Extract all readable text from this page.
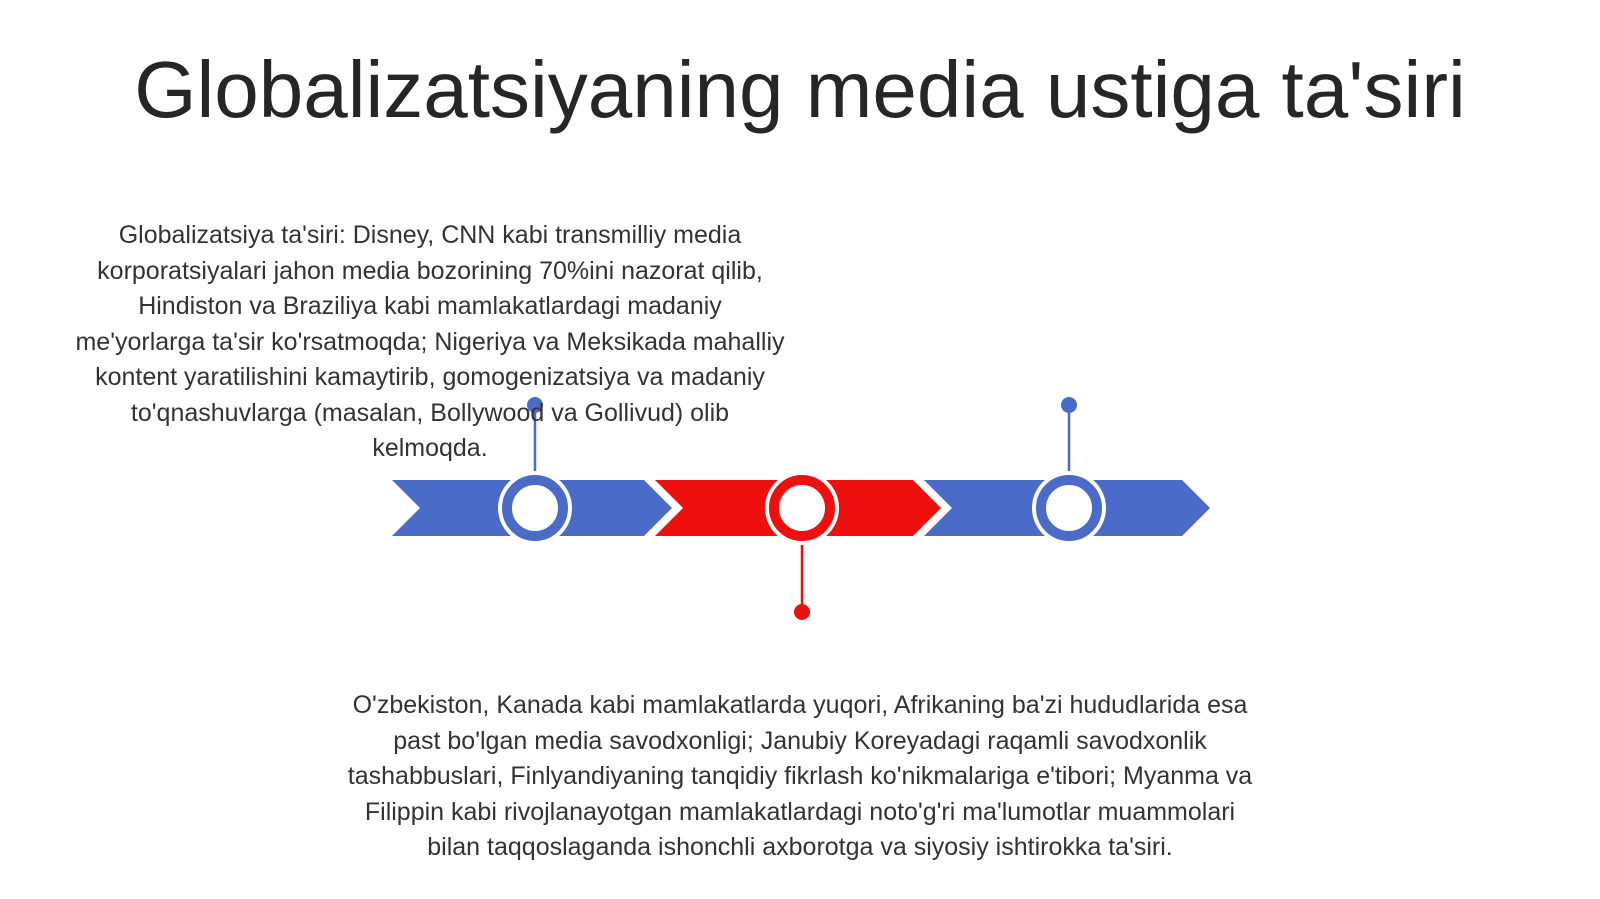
Globalizatsiyaning media ustiga ta'siri
Globalizatsiya ta'siri: Disney, CNN kabi transmilliy media korporatsiyalari jahon media bozorining 70%ini nazorat qilib, Hindiston va Braziliya kabi mamlakatlardagi madaniy me'yorlarga ta'sir ko'rsatmoqda; Nigeriya va Meksikada mahalliy kontent yaratilishini kamaytirib, gomogenizatsiya va madaniy to'qnashuvlarga (masalan, Bollywood va Gollivud) olib kelmoqda.
O'zbekiston, Kanada kabi mamlakatlarda yuqori, Afrikaning ba'zi hududlarida esa past bo'lgan media savodxonligi; Janubiy Koreyadagi raqamli savodxonlik tashabbuslari, Finlyandiyaning tanqidiy fikrlash ko'nikmalariga e'tibori; Myanma va Filippin kabi rivojlanayotgan mamlakatlardagi noto'g'ri ma'lumotlar muammolari bilan taqqoslaganda ishonchli axborotga va siyosiy ishtirokka ta'siri.
